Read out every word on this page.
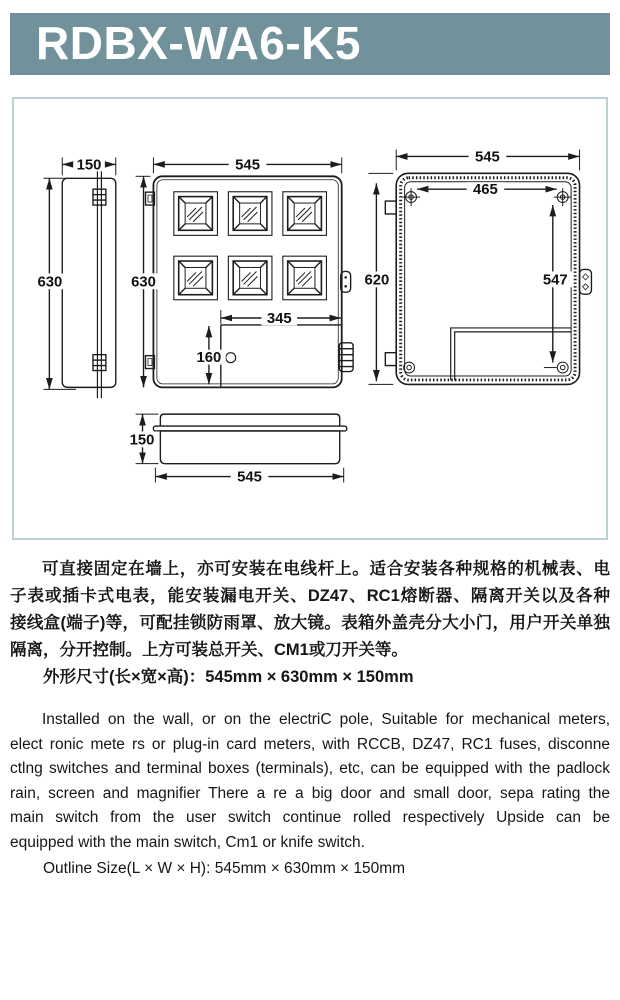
RDBX-WA6-K5
150
630
545
630
345
160
545
465
620	547
150
545

可直接固定在墙上，亦可安装在电线杆上。适合安装各种规格的机械表、电

子表或插卡式电表，能安装漏电开关、DZ47、RC1熔断器、隔离开关以及各种

接线盒(端子)等，可配挂锁防雨罩、放大镜。表箱外盖壳分大小门，用户开关单独

隔离，分开控制。上方可装总开关、CM1或刀开关等。

外形尺寸(长×宽×高)：545mm × 630mm × 150mm

Installed on the wall, or on the electriC pole, Suitable for mechanical meters,

elect ronic mete rs or plug-in card meters, with RCCB, DZ47, RC1 fuses, disconne

ctlng switches and terminal boxes (terminals), etc, can be equipped with the padlock

rain, screen and magnifier There a re a big door and small door, sepa rating the

main switch from the user switch continue rolled respectively Upside can be

equipped with the main switch, Cm1 or knife switch.

Outline Size(L × W × H): 545mm × 630mm × 150mm
